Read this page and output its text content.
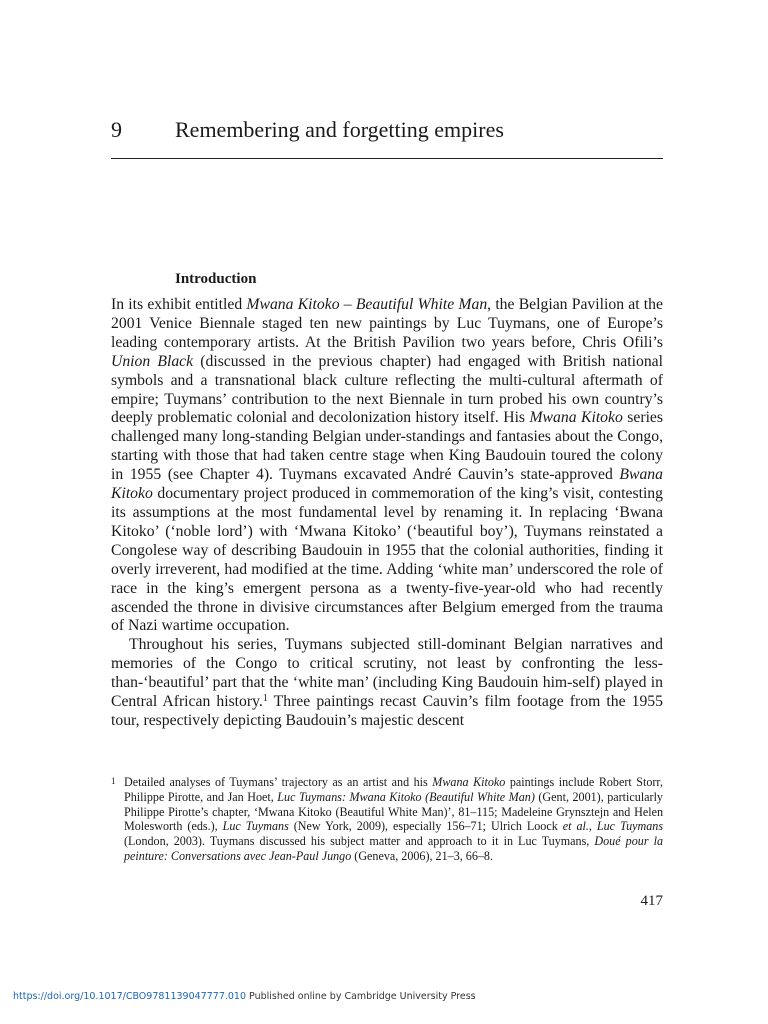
9 Remembering and forgetting empires
Introduction

In its exhibit entitled Mwana Kitoko – Beautiful White Man, the Belgian Pavilion at the 2001 Venice Biennale staged ten new paintings by Luc Tuymans, one of Europe’s leading contemporary artists. At the British Pavilion two years before, Chris Ofili’s Union Black (discussed in the previous chapter) had engaged with British national symbols and a transnational black culture reflecting the multi-cultural aftermath of empire; Tuymans’ contribution to the next Biennale in turn probed his own country’s deeply problematic colonial and decolonization history itself. His Mwana Kitoko series challenged many long-standing Belgian under-standings and fantasies about the Congo, starting with those that had taken centre stage when King Baudouin toured the colony in 1955 (see Chapter 4). Tuymans excavated André Cauvin’s state-approved Bwana Kitoko documentary project produced in commemoration of the king’s visit, contesting its assumptions at the most fundamental level by renaming it. In replacing ‘Bwana Kitoko’ (‘noble lord’) with ‘Mwana Kitoko’ (‘beautiful boy’), Tuymans reinstated a Congolese way of describing Baudouin in 1955 that the colonial authorities, finding it overly irreverent, had modified at the time. Adding ‘white man’ underscored the role of race in the king’s emergent persona as a twenty-five-year-old who had recently ascended the throne in divisive circumstances after Belgium emerged from the trauma of Nazi wartime occupation.

Throughout his series, Tuymans subjected still-dominant Belgian narratives and memories of the Congo to critical scrutiny, not least by confronting the less-than-‘beautiful’ part that the ‘white man’ (including King Baudouin him-self) played in Central African history.$^1$ Three paintings recast Cauvin’s film footage from the 1955 tour, respectively depicting Baudouin’s majestic descent

1 Detailed analyses of Tuymans’ trajectory as an artist and his Mwana Kitoko paintings include Robert Storr, Philippe Pirotte, and Jan Hoet, Luc Tuymans: Mwana Kitoko (Beautiful White Man) (Gent, 2001), particularly Philippe Pirotte’s chapter, ‘Mwana Kitoko (Beautiful White Man)’, 81–115; Madeleine Grynsztejn and Helen Molesworth (eds.), Luc Tuymans (New York, 2009), especially 156–71; Ulrich Loock et al., Luc Tuymans (London, 2003). Tuymans discussed his subject matter and approach to it in Luc Tuymans, Doué pour la peinture: Conversations avec Jean-Paul Jungo (Geneva, 2006), 21–3, 66–8.
417
https://doi.org/10.1017/CBO9781139047777.010 Published online by Cambridge University Press
